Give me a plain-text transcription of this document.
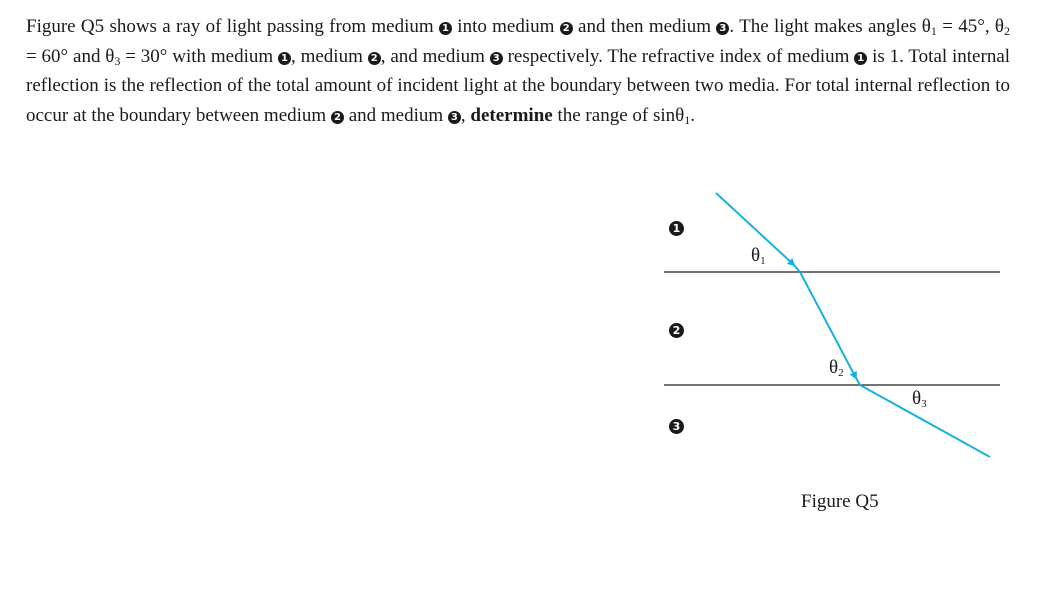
Figure Q5 shows a ray of light passing from medium 1 into medium 2 and then medium 3 . The light makes angles $\theta_1 = 45^\circ$, $\theta_2 = 60^\circ$ and $\theta_3 = 30^\circ$ with medium 1 , medium 2 , and medium 3 respectively. The refractive index of medium 1 is 1. Total internal reflection is the reflection of the total amount of incident light at the boundary between two media. For total internal reflection to occur at the boundary between medium 2 and medium 3 , determine the range of sinθ$_1$.

1
2
3
$\theta_1$
$\theta_2$
$\theta_3$
Figure Q5
